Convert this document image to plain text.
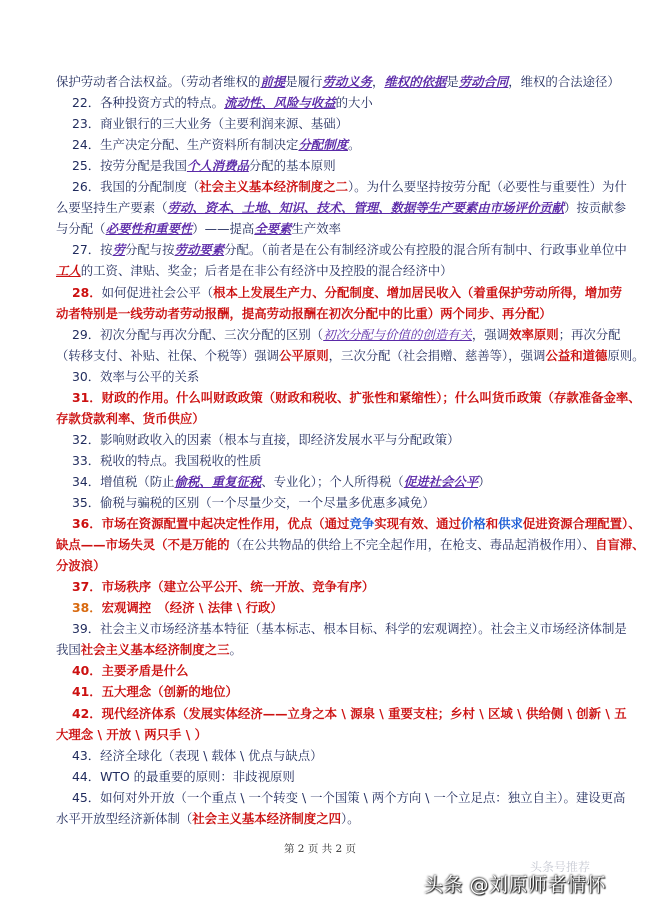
保护劳动者合法权益。（劳动者维权的前提是履行劳动义务，维权的依据是劳动合同，维权的合法途径）
22．各种投资方式的特点。流动性、风险与收益的大小
23．商业银行的三大业务（主要利润来源、基础）
24．生产决定分配、生产资料所有制决定分配制度。
25．按劳分配是我国个人消费品分配的基本原则
26．我国的分配制度（社会主义基本经济制度之二）。为什么要坚持按劳分配（必要性与重要性）为什
么要坚持生产要素（劳动、资本、土地、知识、技术、管理、数据等生产要素由市场评价贡献）按贡献参
与分配（必要性和重要性）——提高全要素生产效率
27．按劳分配与按劳动要素分配。（前者是在公有制经济或公有控股的混合所有制中、行政事业单位中
工人的工资、津贴、奖金；后者是在非公有经济中及控股的混合经济中）
28．如何促进社会公平（根本上发展生产力、分配制度、增加居民收入（着重保护劳动所得，增加劳
动者特别是一线劳动者劳动报酬，提高劳动报酬在初次分配中的比重）两个同步、再分配）
29．初次分配与再次分配、三次分配的区别（初次分配与价值的创造有关，强调效率原则；再次分配
（转移支付、补贴、社保、个税等）强调公平原则，三次分配（社会捐赠、慈善等），强调公益和道德原则。
30．效率与公平的关系
31．财政的作用。什么叫财政政策（财政和税收、扩张性和紧缩性）；什么叫货币政策（存款准备金率、
存款贷款利率、货币供应）
32．影响财政收入的因素（根本与直接，即经济发展水平与分配政策）
33．税收的特点。我国税收的性质
34．增值税（防止偷税、重复征税、专业化）；个人所得税（促进社会公平）
35．偷税与骗税的区别（一个尽量少交，一个尽量多优惠多减免）
36．市场在资源配置中起决定性作用，优点（通过竞争实现有效、通过价格和供求促进资源合理配置）、
缺点——市场失灵（不是万能的（在公共物品的供给上不完全起作用，在枪支、毒品起消极作用）、自盲滞、
分波浪）
37．市场秩序（建立公平公开、统一开放、竞争有序）
38．宏观调控　（经济 \ 法律 \ 行政）
39．社会主义市场经济基本特征（基本标志、根本目标、科学的宏观调控）。社会主义市场经济体制是
我国社会主义基本经济制度之三。
40．主要矛盾是什么
41．五大理念（创新的地位）
42．现代经济体系（发展实体经济——立身之本 \ 源泉 \ 重要支柱；乡村 \ 区域 \ 供给侧 \ 创新 \ 五
大理念 \ 开放 \ 两只手 \ ）
43．经济全球化（表现 \ 载体 \ 优点与缺点）
44．WTO 的最重要的原则：非歧视原则
45．如何对外开放（一个重点 \ 一个转变 \ 一个国策 \ 两个方向 \ 一个立足点：独立自主）。建设更高
水平开放型经济新体制（社会主义基本经济制度之四）。
第 2 页 共 2 页
头条号推荐
头条 @刘原师者情怀
